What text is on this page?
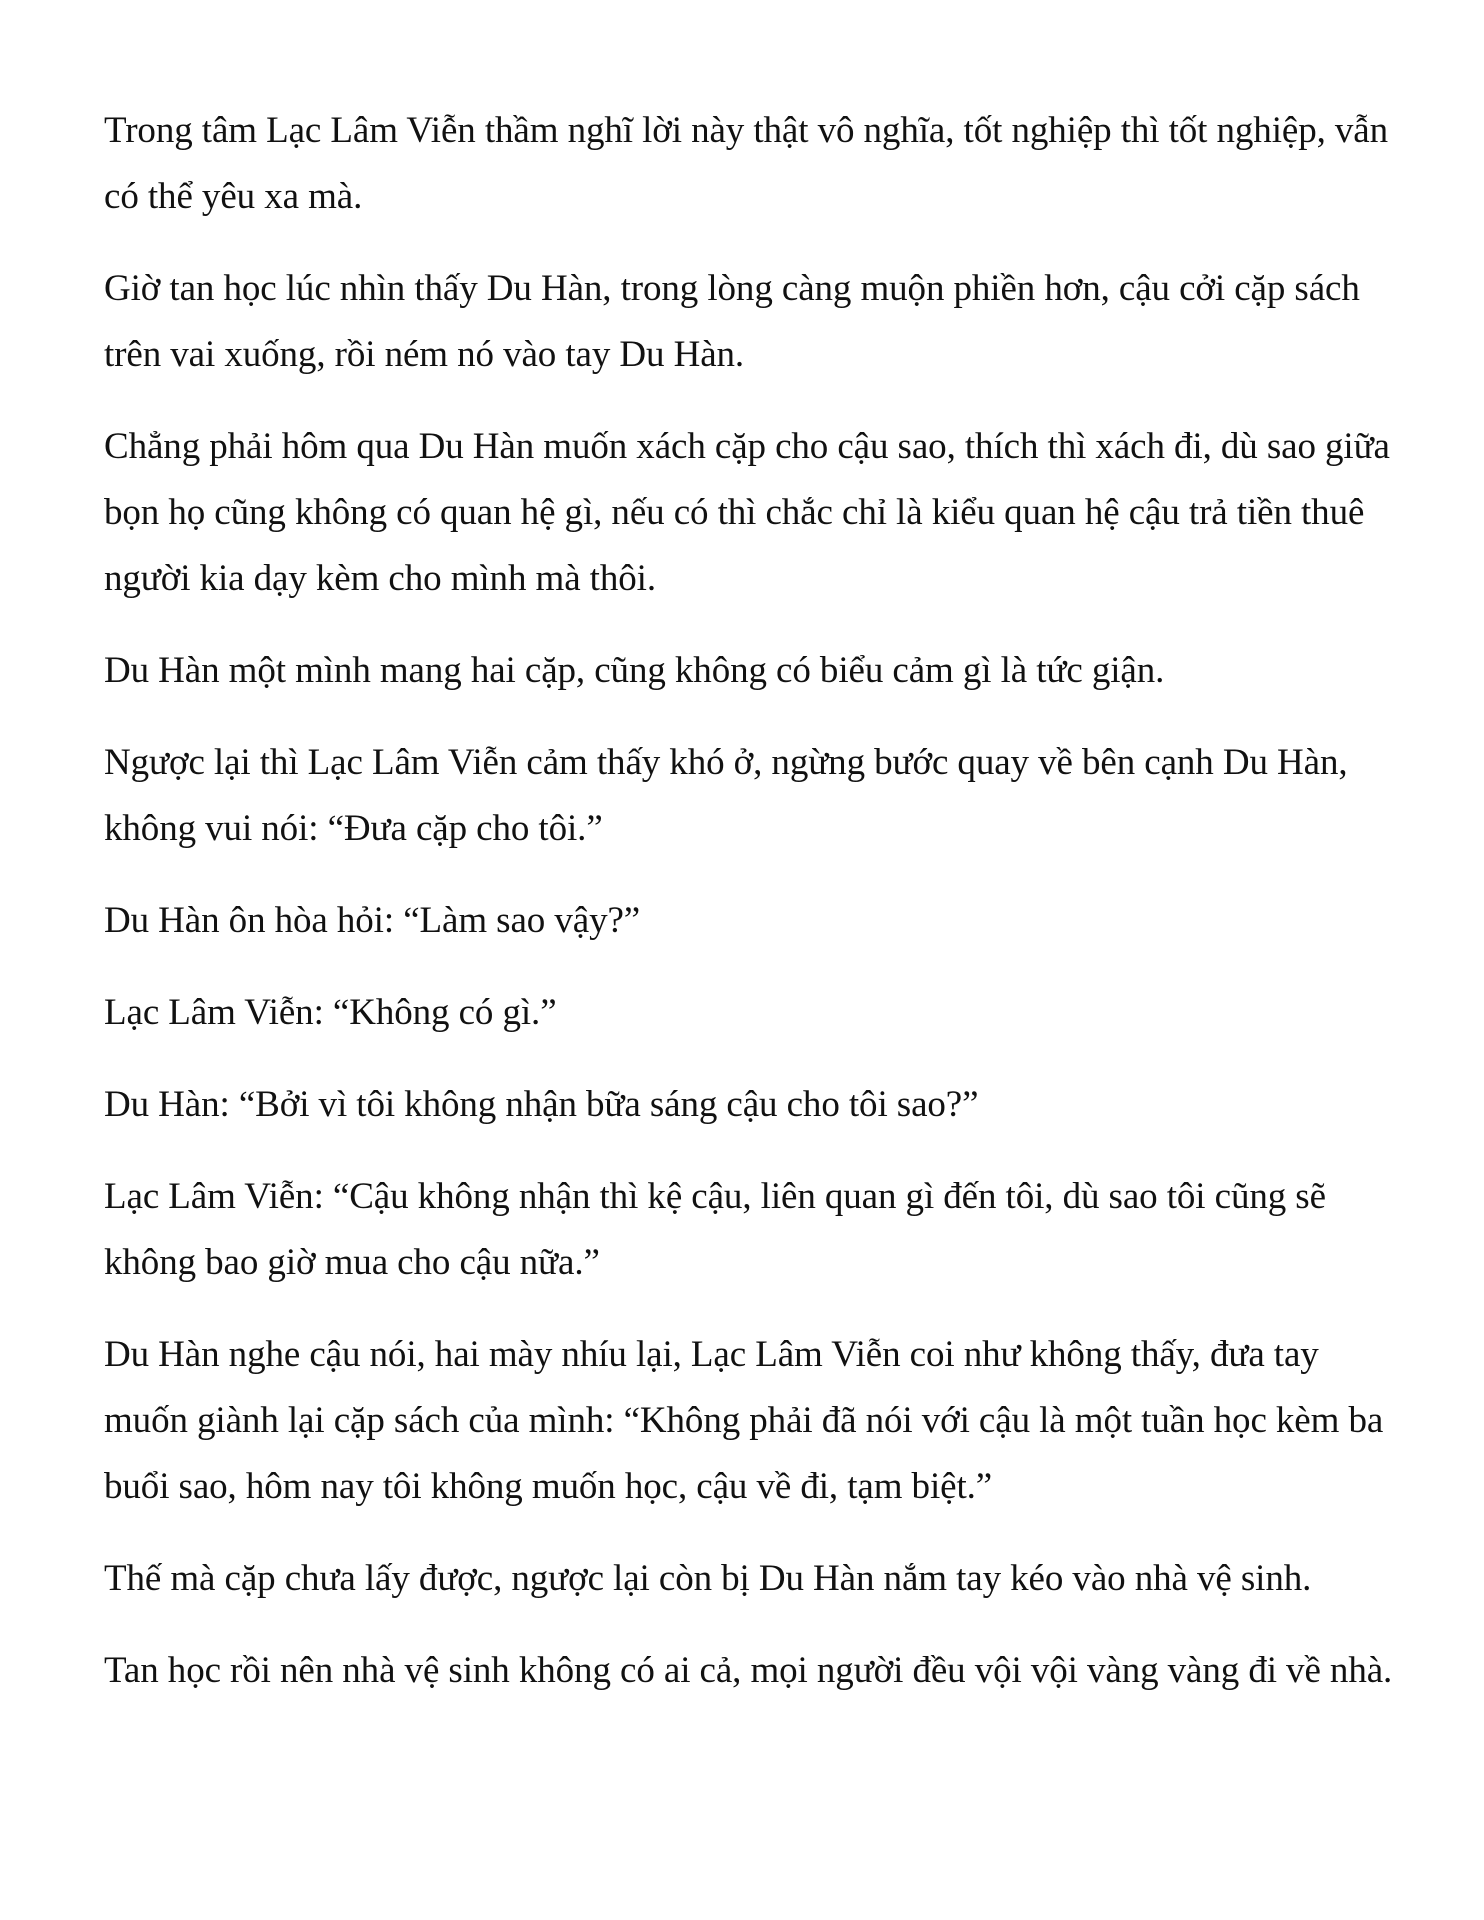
Trong tâm Lạc Lâm Viễn thầm nghĩ lời này thật vô nghĩa, tốt nghiệp thì tốt nghiệp, vẫn có thể yêu xa mà.

Giờ tan học lúc nhìn thấy Du Hàn, trong lòng càng muộn phiền hơn, cậu cởi cặp sách trên vai xuống, rồi ném nó vào tay Du Hàn.

Chẳng phải hôm qua Du Hàn muốn xách cặp cho cậu sao, thích thì xách đi, dù sao giữa bọn họ cũng không có quan hệ gì, nếu có thì chắc chỉ là kiểu quan hệ cậu trả tiền thuê người kia dạy kèm cho mình mà thôi.

Du Hàn một mình mang hai cặp, cũng không có biểu cảm gì là tức giận.

Ngược lại thì Lạc Lâm Viễn cảm thấy khó ở, ngừng bước quay về bên cạnh Du Hàn, không vui nói: “Đưa cặp cho tôi.”

Du Hàn ôn hòa hỏi: “Làm sao vậy?”

Lạc Lâm Viễn: “Không có gì.”

Du Hàn: “Bởi vì tôi không nhận bữa sáng cậu cho tôi sao?”

Lạc Lâm Viễn: “Cậu không nhận thì kệ cậu, liên quan gì đến tôi, dù sao tôi cũng sẽ không bao giờ mua cho cậu nữa.”

Du Hàn nghe cậu nói, hai mày nhíu lại, Lạc Lâm Viễn coi như không thấy, đưa tay muốn giành lại cặp sách của mình: “Không phải đã nói với cậu là một tuần học kèm ba buổi sao, hôm nay tôi không muốn học, cậu về đi, tạm biệt.”

Thế mà cặp chưa lấy được, ngược lại còn bị Du Hàn nắm tay kéo vào nhà vệ sinh.

Tan học rồi nên nhà vệ sinh không có ai cả, mọi người đều vội vội vàng vàng đi về nhà.
